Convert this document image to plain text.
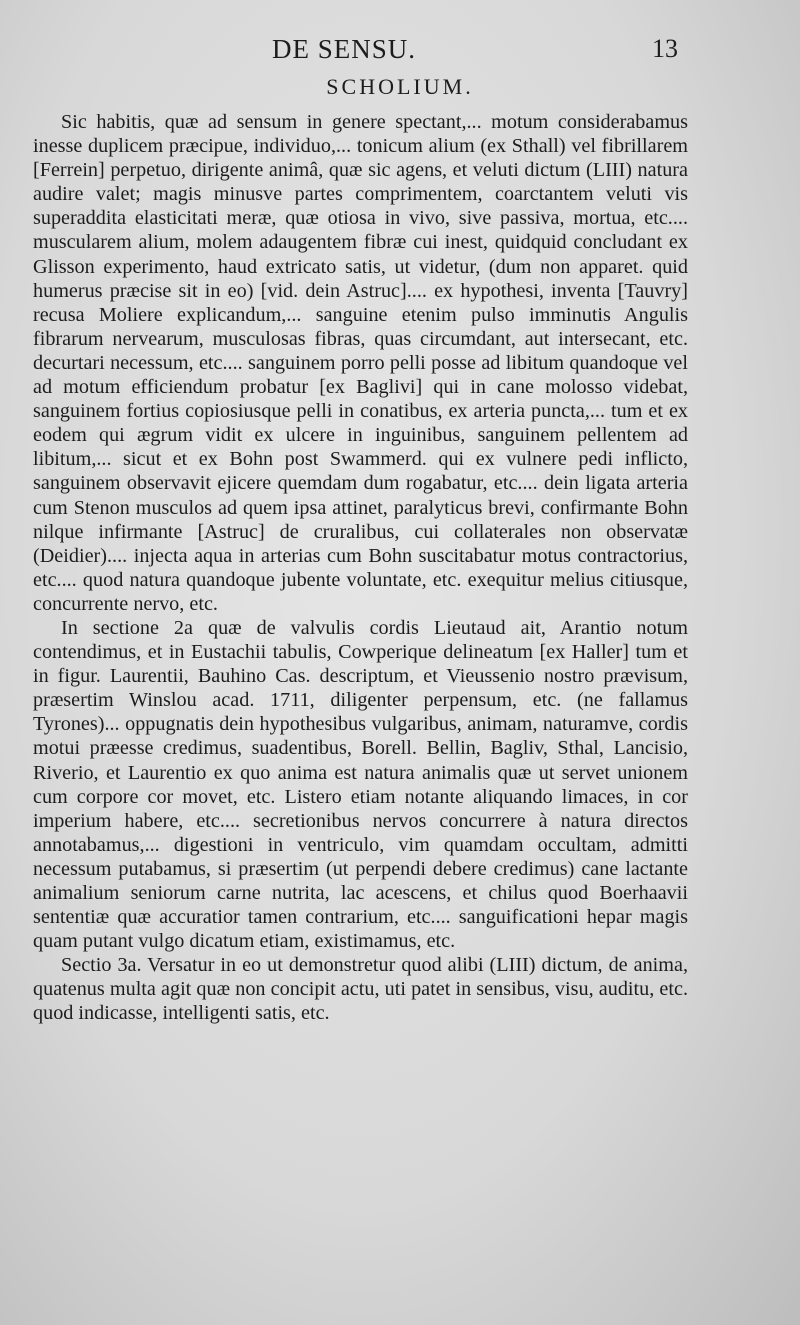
DE SENSU.	13
SCHOLIUM.

Sic habitis, quæ ad sensum in genere spectant,... motum considerabamus inesse duplicem præcipue, individuo,... tonicum alium (ex Sthall) vel fibrillarem [Ferrein] perpetuo, dirigente animâ, quæ sic agens, et veluti dictum (LIII) natura audire valet; magis minusve partes comprimentem, coarctantem veluti vis superaddita elasticitati meræ, quæ otiosa in vivo, sive passiva, mortua, etc.... muscularem alium, molem adaugentem fibræ cui inest, quidquid concludant ex Glisson experimento, haud extricato satis, ut videtur, (dum non apparet. quid humerus præcise sit in eo) [vid. dein Astruc].... ex hypothesi, inventa [Tauvry] recusa Moliere explicandum,... sanguine etenim pulso imminutis Angulis fibrarum nervearum, musculosas fibras, quas circumdant, aut intersecant, etc. decurtari necessum, etc.... sanguinem porro pelli posse ad libitum quandoque vel ad motum efficiendum probatur [ex Baglivi] qui in cane molosso videbat, sanguinem fortius copiosiusque pelli in conatibus, ex arteria puncta,... tum et ex eodem qui ægrum vidit ex ulcere in inguinibus, sanguinem pellentem ad libitum,... sicut et ex Bohn post Swammerd. qui ex vulnere pedi inflicto, sanguinem observavit ejicere quemdam dum rogabatur, etc.... dein ligata arteria cum Stenon musculos ad quem ipsa attinet, paralyticus brevi, confirmante Bohn nilque infirmante [Astruc] de cruralibus, cui collaterales non observatæ (Deidier).... injecta aqua in arterias cum Bohn suscitabatur motus contractorius, etc.... quod natura quandoque jubente voluntate, etc. exequitur melius citiusque, concurrente nervo, etc.

In sectione 2a quæ de valvulis cordis Lieutaud ait, Arantio notum contendimus, et in Eustachii tabulis, Cowperique delineatum [ex Haller] tum et in figur. Laurentii, Bauhino Cas. descriptum, et Vieussenio nostro prævisum, præsertim Winslou acad. 1711, diligenter perpensum, etc. (ne fallamus Tyrones)... oppugnatis dein hypothesibus vulgaribus, animam, naturamve, cordis motui præesse credimus, suadentibus, Borell. Bellin, Bagliv, Sthal, Lancisio, Riverio, et Laurentio ex quo anima est natura animalis quæ ut servet unionem cum corpore cor movet, etc. Listero etiam notante aliquando limaces, in cor imperium habere, etc.... secretionibus nervos concurrere à natura directos annotabamus,... digestioni in ventriculo, vim quamdam occultam, admitti necessum putabamus, si præsertim (ut perpendi debere credimus) cane lactante animalium seniorum carne nutrita, lac acescens, et chilus quod Boerhaavii sententiæ quæ accuratior tamen contrarium, etc.... sanguificationi hepar magis quam putant vulgo dicatum etiam, existimamus, etc.

Sectio 3a. Versatur in eo ut demonstretur quod alibi (LIII) dictum, de anima, quatenus multa agit quæ non concipit actu, uti patet in sensibus, visu, auditu, etc. quod indicasse, intelligenti satis, etc.
